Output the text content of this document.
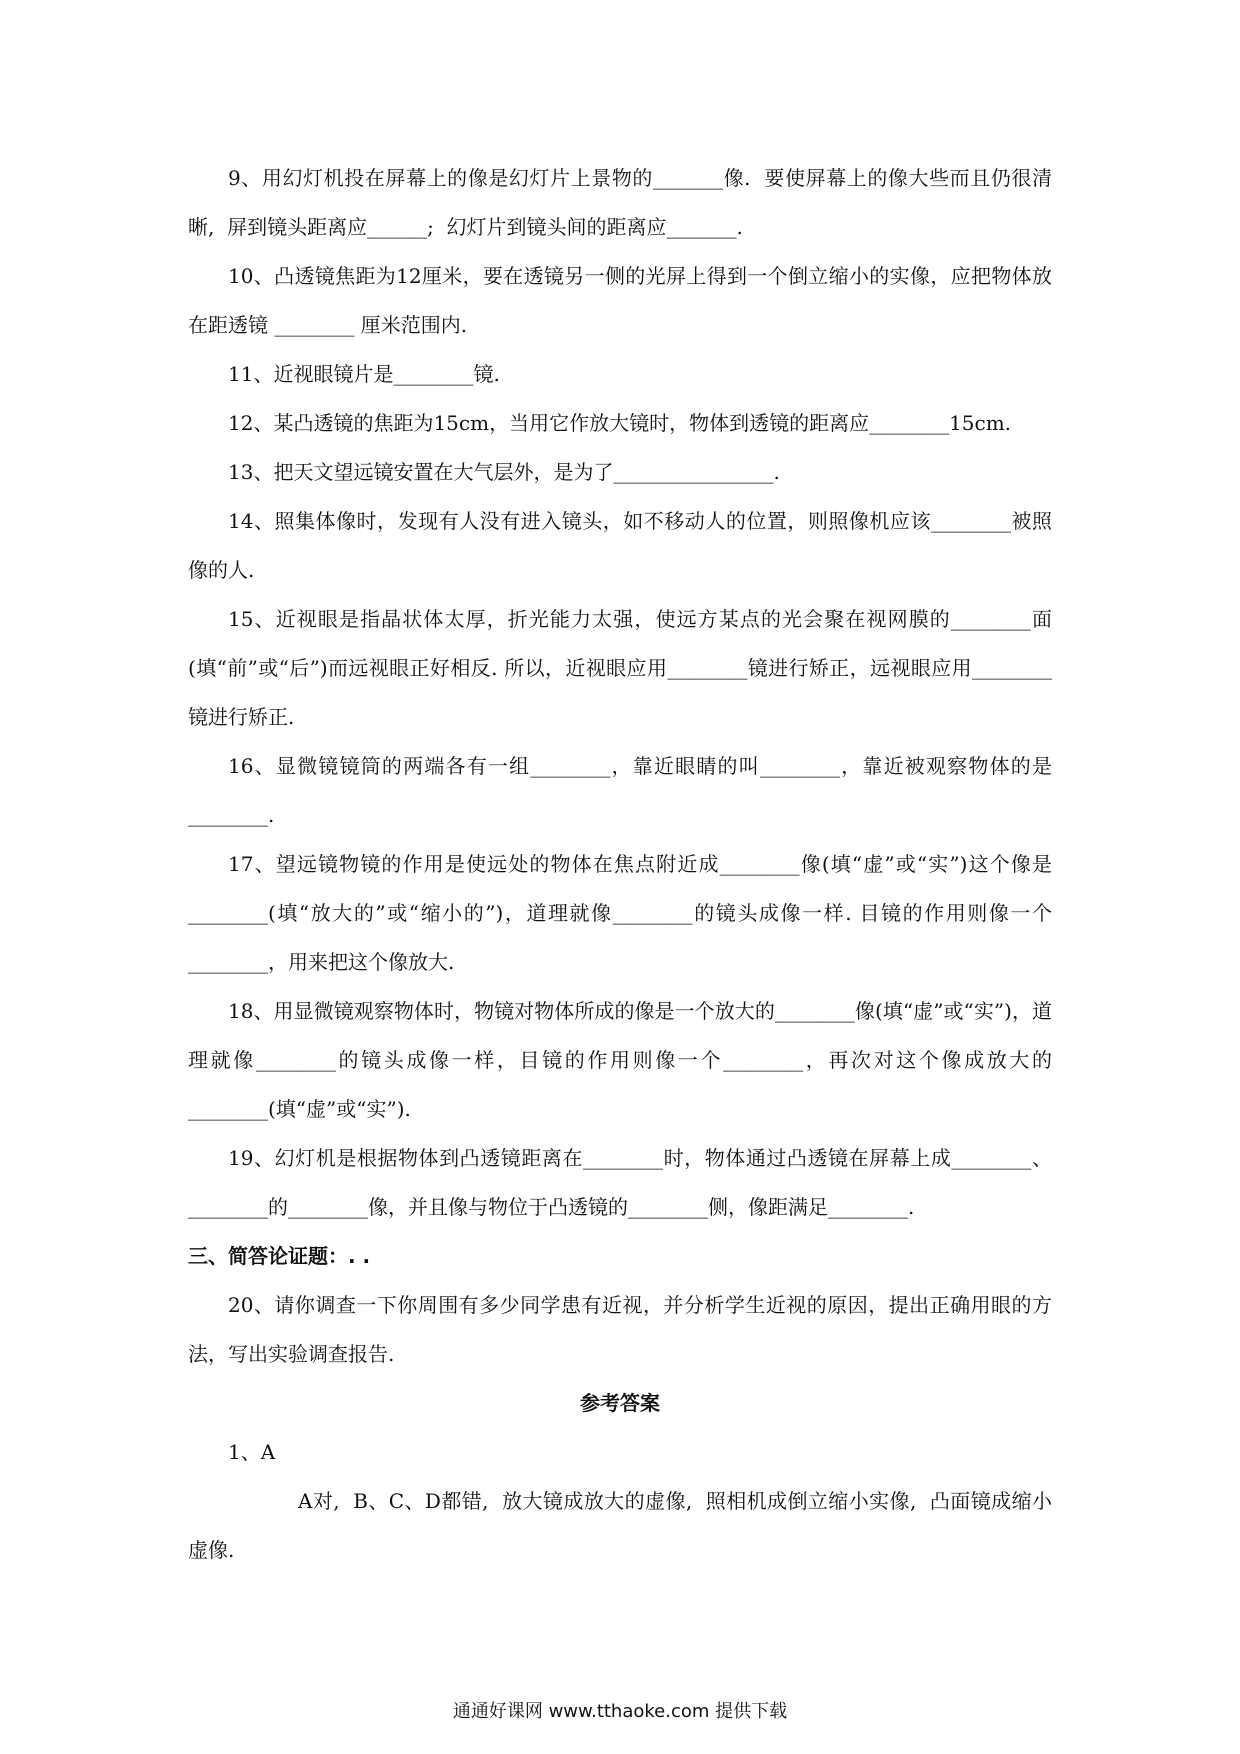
9、用幻灯机投在屏幕上的像是幻灯片上景物的_______像.  要使屏幕上的像大些而且仍很清晰,  屏到镜头距离应______;  幻灯片到镜头间的距离应_______.

10、凸透镜焦距为12厘米，要在透镜另一侧的光屏上得到一个倒立缩小的实像，应把物体放在距透镜 ________ 厘米范围内.

11、近视眼镜片是________镜.

12、某凸透镜的焦距为15cm，当用它作放大镜时，物体到透镜的距离应________15cm.

13、把天文望远镜安置在大气层外，是为了________________.

14、照集体像时，发现有人没有进入镜头，如不移动人的位置，则照像机应该________被照像的人.

15、近视眼是指晶状体太厚，折光能力太强，使远方某点的光会聚在视网膜的________面(填“前”或“后”)而远视眼正好相反. 所以，近视眼应用________镜进行矫正，远视眼应用________镜进行矫正.

16、显微镜镜筒的两端各有一组________，靠近眼睛的叫________，靠近被观察物体的是________.

17、望远镜物镜的作用是使远处的物体在焦点附近成________像(填“虚”或“实”)这个像是________(填“放大的”或“缩小的”)，道理就像________的镜头成像一样. 目镜的作用则像一个________，用来把这个像放大.

18、用显微镜观察物体时，物镜对物体所成的像是一个放大的________像(填“虚”或“实”)，道理就像________的镜头成像一样，目镜的作用则像一个________，再次对这个像成放大的________(填“虚”或“实”).

19、幻灯机是根据物体到凸透镜距离在________时，物体通过凸透镜在屏幕上成________、________的________像，并且像与物位于凸透镜的________侧，像距满足________.

三、简答论证题：. .

20、请你调查一下你周围有多少同学患有近视，并分析学生近视的原因，提出正确用眼的方法，写出实验调查报告.

参考答案

1、A

A对,  B、C、D都错,  放大镜成放大的虚像,  照相机成倒立缩小实像,  凸面镜成缩小虚像.

通通好课网 www.tthaoke.com 提供下载
